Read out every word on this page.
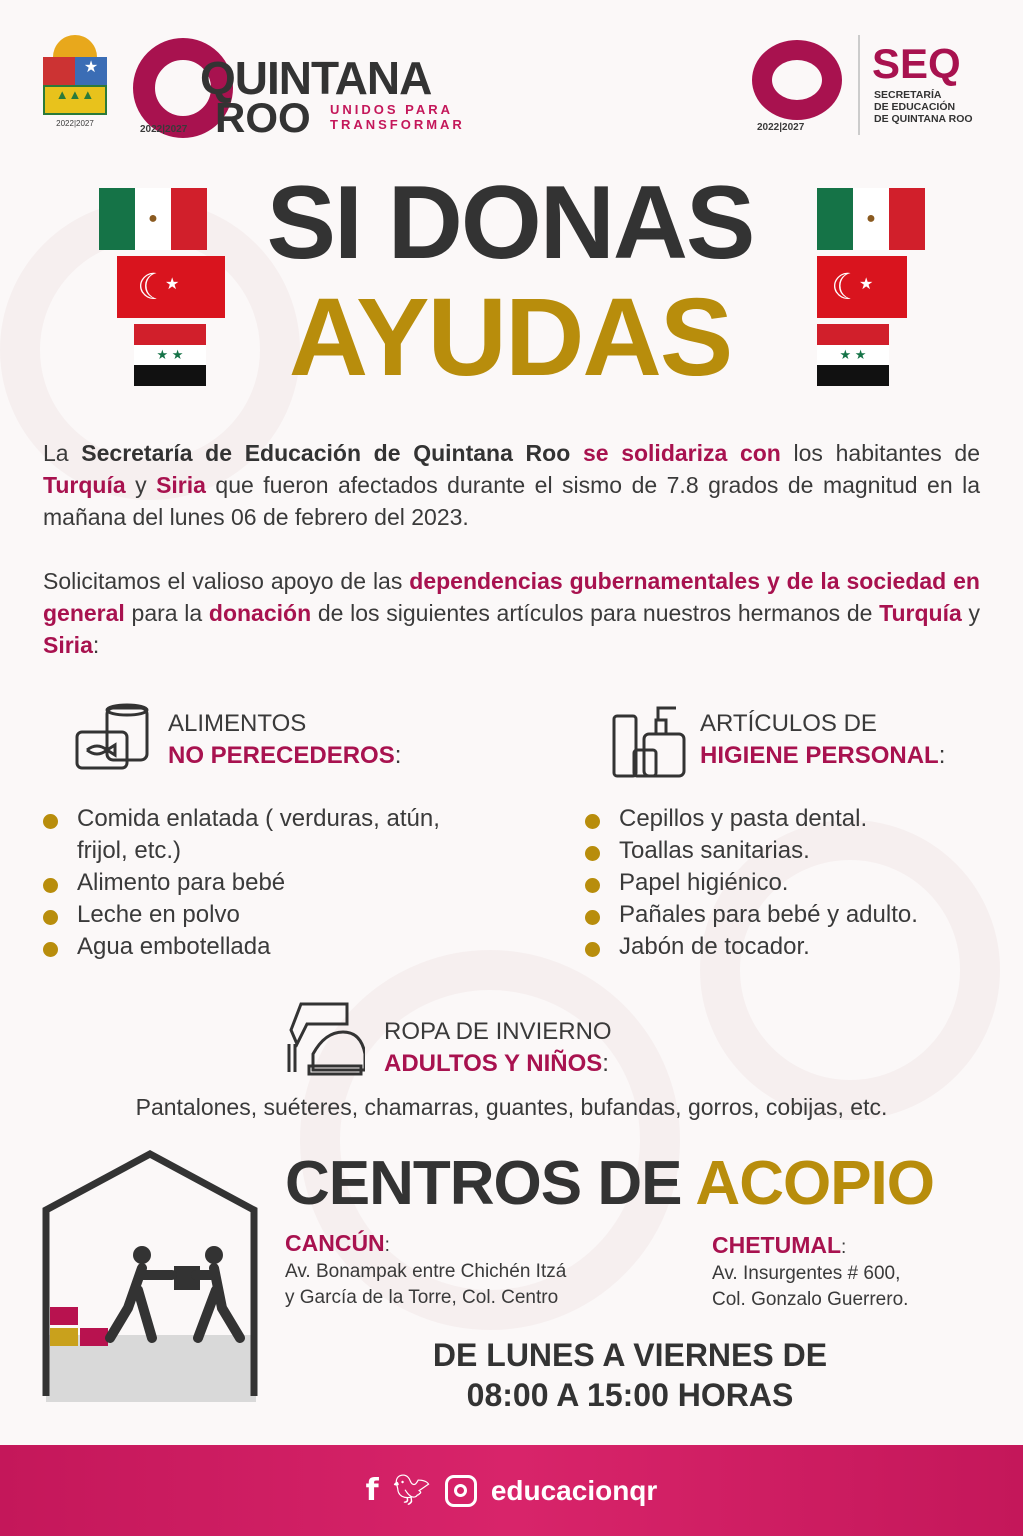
★
▲▲▲
2022|2027
2022|2027
QUINTANA
ROO UNIDOS PARA
TRANSFORMAR	2022|2027
SEQ
SECRETARÍA
DE EDUCACIÓN
DE QUINTANA ROO
●
☾
★
★ ★
●
☾
★
★ ★
SI DONAS
AYUDAS

La Secretaría de Educación de Quintana Roo se solidariza con los habitantes de Turquía y Siria que fueron afectados durante el sismo de 7.8 grados de magnitud en la mañana del lunes 06 de febrero del 2023.

Solicitamos el valioso apoyo de las dependencias gubernamentales y de la sociedad en general para la donación de los siguientes artículos para nuestros hermanos de Turquía y Siria:

ALIMENTOS
NO PERECEDEROS:
Comida enlatada ( verduras, atún, frijol, etc.)
Alimento para bebé
Leche en polvo
Agua embotellada
ARTÍCULOS DE
HIGIENE PERSONAL:
Cepillos y pasta dental.
Toallas sanitarias.
Papel higiénico.
Pañales para bebé y adulto.
Jabón de tocador.
ROPA DE INVIERNO
ADULTOS Y NIÑOS:
Pantalones, suéteres, chamarras, guantes, bufandas, gorros, cobijas, etc.
CENTROS DE ACOPIO
CANCÚN:
Av. Bonampak entre Chichén Itzá
y García de la Torre, Col. Centro
CHETUMAL:
Av. Insurgentes # 600,
Col. Gonzalo Guerrero.
DE LUNES A VIERNES DE
08:00 A 15:00 HORAS
f 🐦︎ educacionqr
